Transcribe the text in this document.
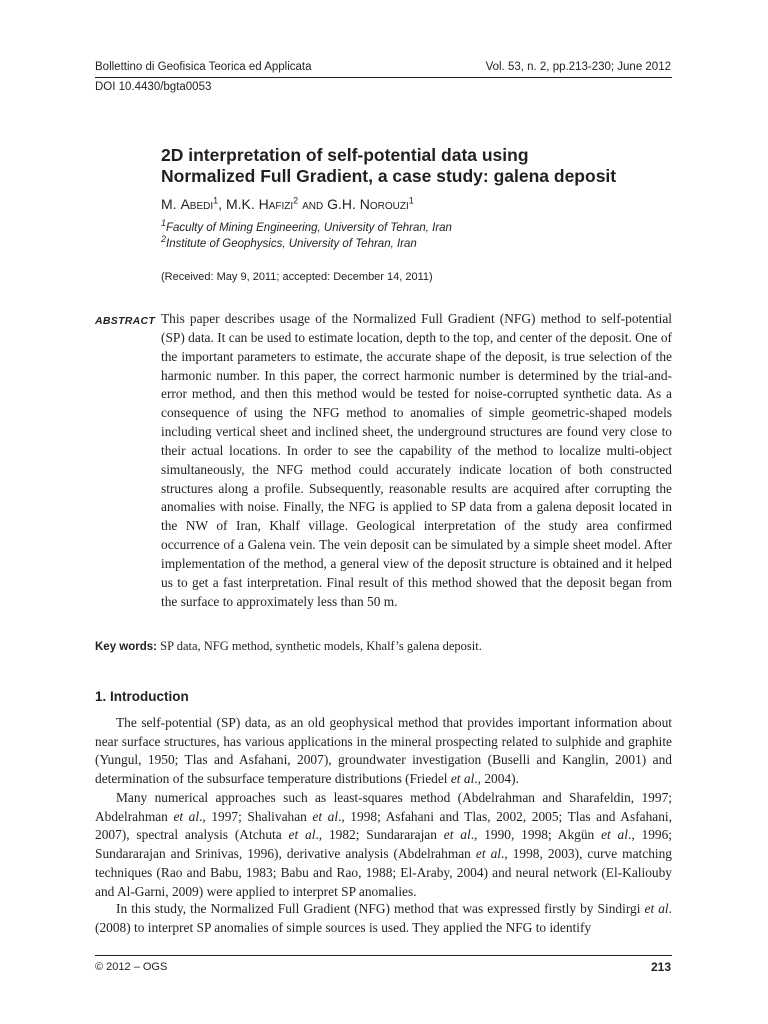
Bollettino di Geofisica Teorica ed Applicata	Vol. 53, n. 2, pp.213-230; June 2012
DOI 10.4430/bgta0053
2D interpretation of self-potential data using
Normalized Full Gradient, a case study: galena deposit
M. Abedi$^1$, M.K. Hafizi$^2$ and G.H. Norouzi$^1$
$^1$Faculty of Mining Engineering, University of Tehran, Iran
$^2$Institute of Geophysics, University of Tehran, Iran
(Received: May 9, 2011; accepted: December 14, 2011)
ABSTRACT This paper describes usage of the Normalized Full Gradient (NFG) method to self-potential (SP) data. It can be used to estimate location, depth to the top, and center of the deposit. One of the important parameters to estimate, the accurate shape of the deposit, is true selection of the harmonic number. In this paper, the correct harmonic number is determined by the trial-and-error method, and then this method would be tested for noise-corrupted synthetic data. As a consequence of using the NFG method to anomalies of simple geometric-shaped models including vertical sheet and inclined sheet, the underground structures are found very close to their actual locations. In order to see the capability of the method to localize multi-object simultaneously, the NFG method could accurately indicate location of both constructed structures along a profile. Subsequently, reasonable results are acquired after corrupting the anomalies with noise. Finally, the NFG is applied to SP data from a galena deposit located in the NW of Iran, Khalf village. Geological interpretation of the study area confirmed occurrence of a Galena vein. The vein deposit can be simulated by a simple sheet model. After implementation of the method, a general view of the deposit structure is obtained and it helped us to get a fast interpretation. Final result of this method showed that the deposit began from the surface to approximately less than 50 m.
Key words: SP data, NFG method, synthetic models, Khalf’s galena deposit.
1. Introduction
The self-potential (SP) data, as an old geophysical method that provides important information about near surface structures, has various applications in the mineral prospecting related to sulphide and graphite (Yungul, 1950; Tlas and Asfahani, 2007), groundwater investigation (Buselli and Kanglin, 2001) and determination of the subsurface temperature distributions (Friedel et al., 2004).
Many numerical approaches such as least-squares method (Abdelrahman and Sharafeldin, 1997; Abdelrahman et al., 1997; Shalivahan et al., 1998; Asfahani and Tlas, 2002, 2005; Tlas and Asfahani, 2007), spectral analysis (Atchuta et al., 1982; Sundararajan et al., 1990, 1998; Akgün et al., 1996; Sundararajan and Srinivas, 1996), derivative analysis (Abdelrahman et al., 1998, 2003), curve matching techniques (Rao and Babu, 1983; Babu and Rao, 1988; El-Araby, 2004) and neural network (El-Kaliouby and Al-Garni, 2009) were applied to interpret SP anomalies.
In this study, the Normalized Full Gradient (NFG) method that was expressed firstly by Sindirgi et al. (2008) to interpret SP anomalies of simple sources is used. They applied the NFG to identify
© 2012 – OGS	213
